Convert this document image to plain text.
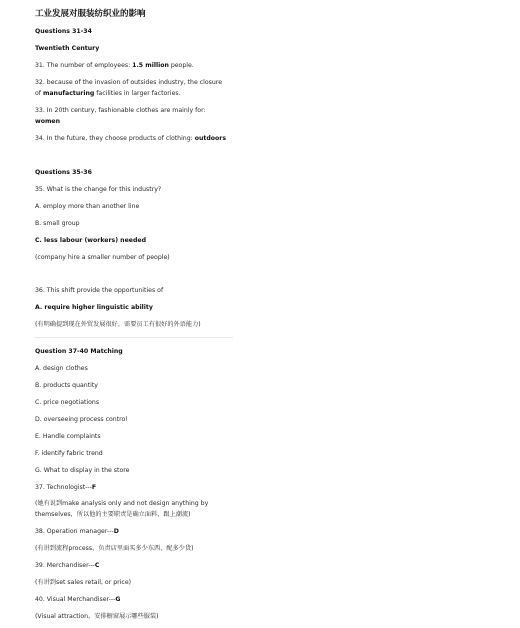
工业发展对服装纺织业的影响
Questions 31-34
Twentieth Century
31. The number of employees: 1.5 million people.
32. because of the invasion of outsides industry, the closure
of manufacturing facilities in larger factories.
33. In 20th century, fashionable clothes are mainly for:
women
34. In the future, they choose products of clothing: outdoors
Questions 35-36
35. What is the change for this industry?
A. employ more than another line
B. small group
C. less labour (workers) needed
(company hire a smaller number of people)
36. This shift provide the opportunities of
A. require higher linguistic ability
(有明确提到现在外贸发展很好，需要员工有很好的外语能力)
Question 37-40 Matching
A. design clothes
B. products quantity
C. price negotiations
D. overseeing process control
E. Handle complaints
F. identify fabric trend
G. What to display in the store
37. Technologist---F
(她有说到make analysis only and not design anything by
themselves，所以他的主要职责是确立面料，跟上潮流)
38. Operation manager---D
(有讲到流程process，负责店里面买多少东西，配多少货)
39. Merchandiser---C
(有讲到set sales retail, or price)
40. Visual Merchandiser---G
(Visual attraction，安排橱窗展示哪些服装)
